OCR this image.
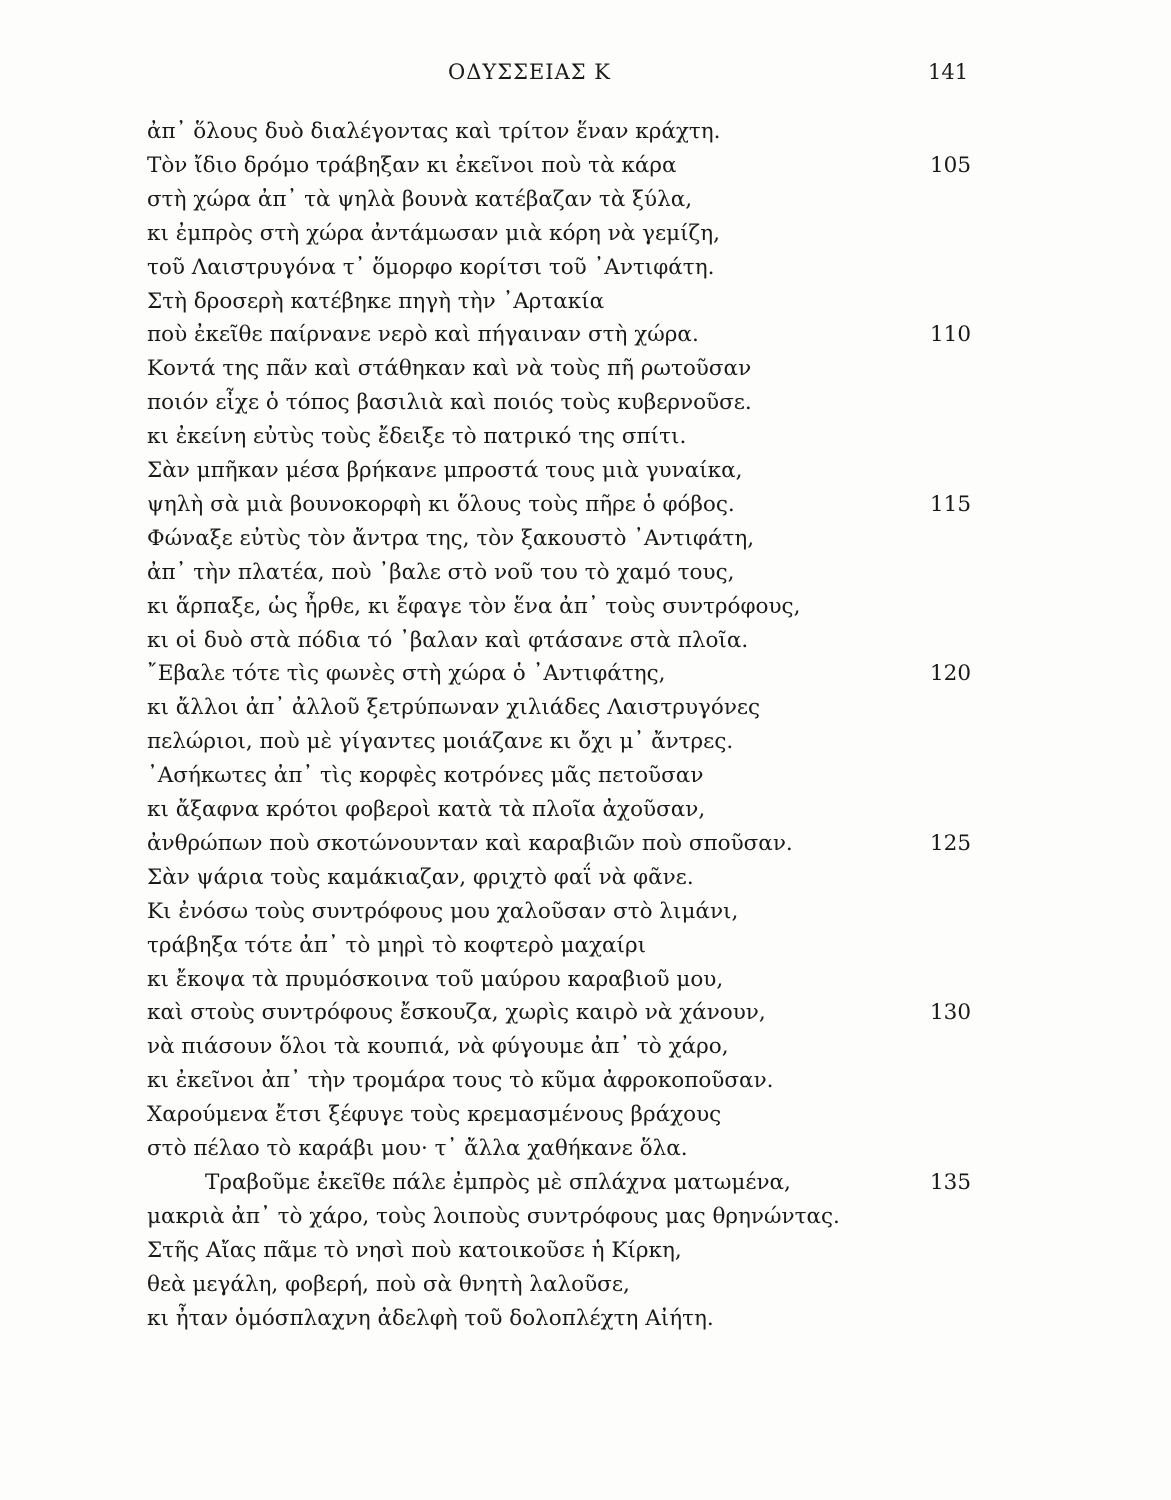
ΟΔΥΣΣΕΙΑΣ Κ	141
ἀπ᾽ ὅλους δυὸ διαλέγοντας καὶ τρίτον ἕναν κράχτη.
Τὸν ἴδιο δρόμο τράβηξαν κι ἐκεῖνοι ποὺ τὰ κάρα	105
στὴ χώρα ἀπ᾽ τὰ ψηλὰ βουνὰ κατέβαζαν τὰ ξύλα,
κι ἐμπρὸς στὴ χώρα ἀντάμωσαν μιὰ κόρη νὰ γεμίζη,
τοῦ Λαιστρυγόνα τ᾽ ὅμορφο κορίτσι τοῦ ᾽Αντιφάτη.
Στὴ δροσερὴ κατέβηκε πηγὴ τὴν ᾽Αρτακία
ποὺ ἐκεῖθε παίρνανε νερὸ καὶ πήγαιναν στὴ χώρα.	110
Κοντά της πᾶν καὶ στάθηκαν καὶ νὰ τοὺς πῆ ρωτοῦσαν
ποιόν εἶχε ὁ τόπος βασιλιὰ καὶ ποιός τοὺς κυβερνοῦσε.
κι ἐκείνη εὐτὺς τοὺς ἔδειξε τὸ πατρικό της σπίτι.
Σὰν μπῆκαν μέσα βρήκανε μπροστά τους μιὰ γυναίκα,
ψηλὴ σὰ μιὰ βουνοκορφὴ κι ὅλους τοὺς πῆρε ὁ φόβος.	115
Φώναξε εὐτὺς τὸν ἄντρα της, τὸν ξακουστὸ ᾽Αντιφάτη,
ἀπ᾽ τὴν πλατέα, ποὺ ᾽βαλε στὸ νοῦ του τὸ χαμό τους,
κι ἅρπαξε, ὡς ἦρθε, κι ἔφαγε τὸν ἕνα ἀπ᾽ τοὺς συντρόφους,
κι οἱ δυὸ στὰ πόδια τό ᾽βαλαν καὶ φτάσανε στὰ πλοῖα.
῎Εβαλε τότε τὶς φωνὲς στὴ χώρα ὁ ᾽Αντιφάτης,	120
κι ἄλλοι ἀπ᾽ ἀλλοῦ ξετρύπωναν χιλιάδες Λαιστρυγόνες
πελώριοι, ποὺ μὲ γίγαντες μοιάζανε κι ὄχι μ᾽ ἄντρες.
᾽Ασήκωτες ἀπ᾽ τὶς κορφὲς κοτρόνες μᾶς πετοῦσαν
κι ἄξαφνα κρότοι φοβεροὶ κατὰ τὰ πλοῖα ἀχοῦσαν,
ἀνθρώπων ποὺ σκοτώνουνταν καὶ καραβιῶν ποὺ σποῦσαν.	125
Σὰν ψάρια τοὺς καμάκιαζαν, φριχτὸ φαΐ νὰ φᾶνε.
Κι ἐνόσω τοὺς συντρόφους μου χαλοῦσαν στὸ λιμάνι,
τράβηξα τότε ἀπ᾽ τὸ μηρὶ τὸ κοφτερὸ μαχαίρι
κι ἔκοψα τὰ πρυμόσκοινα τοῦ μαύρου καραβιοῦ μου,
καὶ στοὺς συντρόφους ἔσκουζα, χωρὶς καιρὸ νὰ χάνουν,	130
νὰ πιάσουν ὅλοι τὰ κουπιά, νὰ φύγουμε ἀπ᾽ τὸ χάρο,
κι ἐκεῖνοι ἀπ᾽ τὴν τρομάρα τους τὸ κῦμα ἀφροκοποῦσαν.
Χαρούμενα ἔτσι ξέφυγε τοὺς κρεμασμένους βράχους
στὸ πέλαο τὸ καράβι μου· τ᾽ ἄλλα χαθήκανε ὅλα.
Τραβοῦμε ἐκεῖθε πάλε ἐμπρὸς μὲ σπλάχνα ματωμένα,	135
μακριὰ ἀπ᾽ τὸ χάρο, τοὺς λοιποὺς συντρόφους μας θρηνώντας.
Στῆς Αἴας πᾶμε τὸ νησὶ ποὺ κατοικοῦσε ἡ Κίρκη,
θεὰ μεγάλη, φοβερή, ποὺ σὰ θνητὴ λαλοῦσε,
κι ἦταν ὁμόσπλαχνη ἀδελφὴ τοῦ δολοπλέχτη Αἰήτη.
